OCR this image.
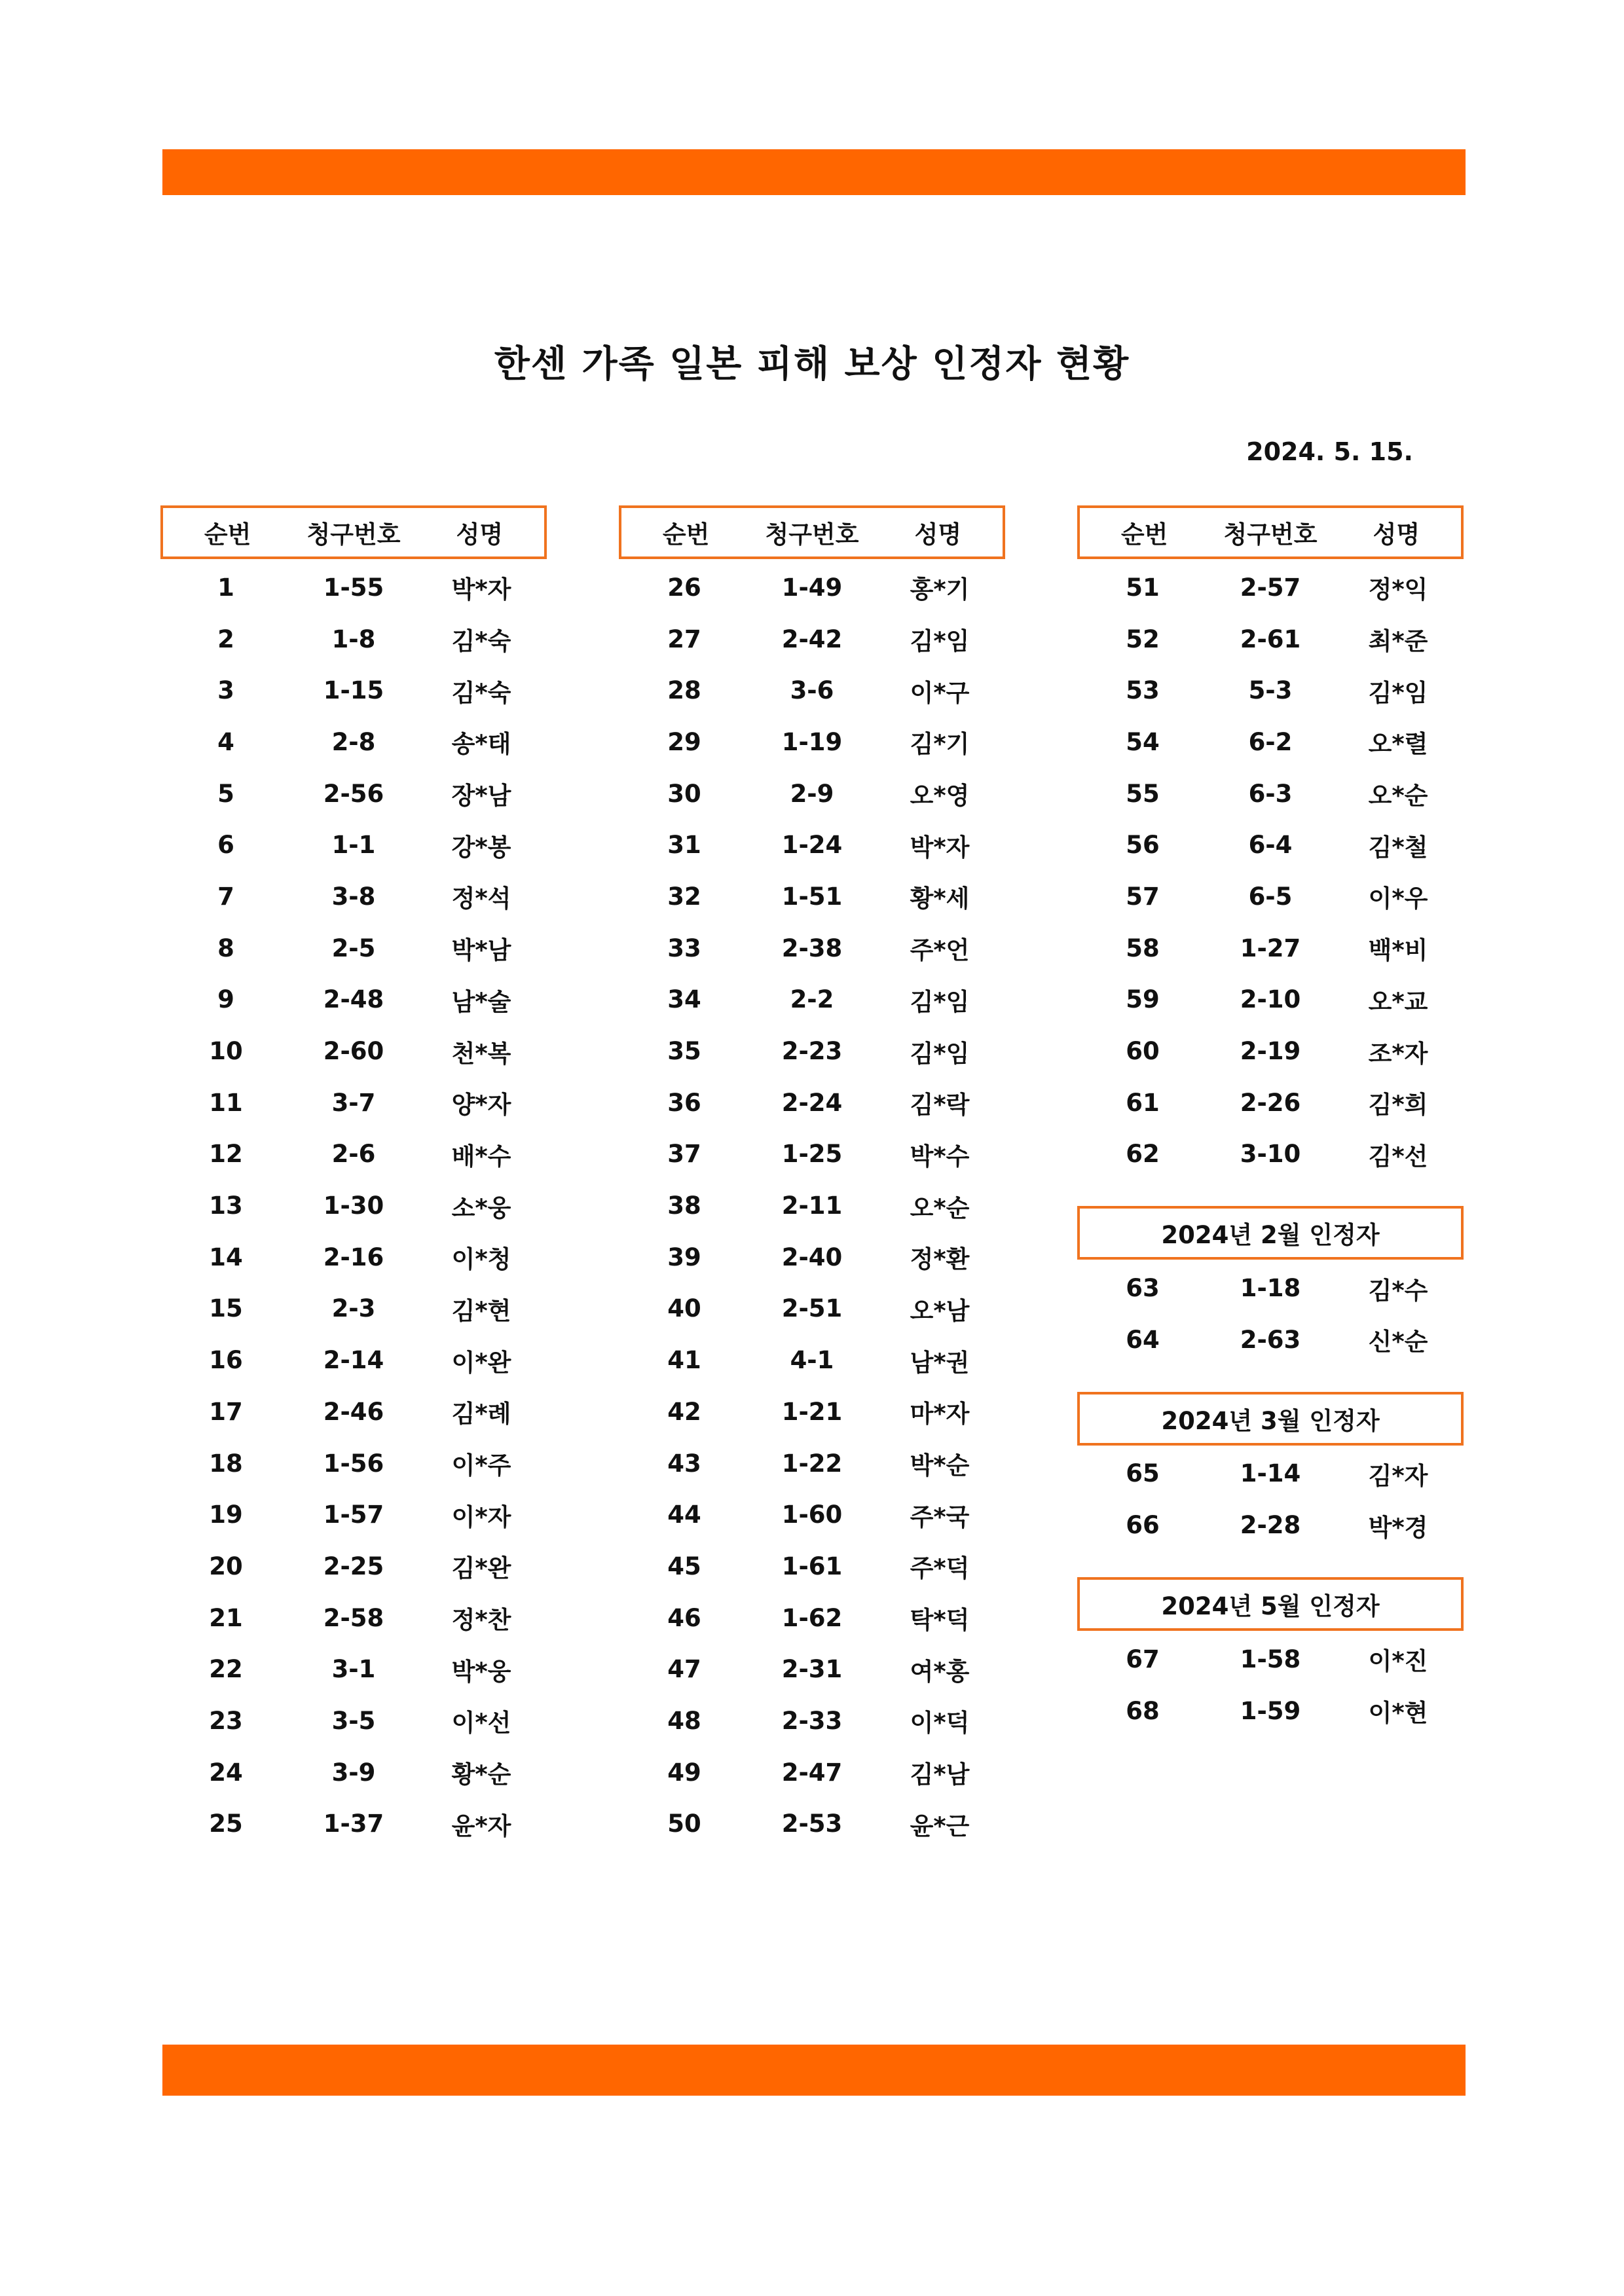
한센 가족 일본 피해 보상 인정자 현황
2024. 5. 15.
순번	청구번호	성명
1	1-55	박*자
2	1-8	김*숙
3	1-15	김*숙
4	2-8	송*태
5	2-56	장*남
6	1-1	강*봉
7	3-8	정*석
8	2-5	박*남
9	2-48	남*술
10	2-60	천*복
11	3-7	양*자
12	2-6	배*수
13	1-30	소*웅
14	2-16	이*청
15	2-3	김*현
16	2-14	이*완
17	2-46	김*례
18	1-56	이*주
19	1-57	이*자
20	2-25	김*완
21	2-58	정*찬
22	3-1	박*웅
23	3-5	이*선
24	3-9	황*순
25	1-37	윤*자
순번	청구번호	성명
26	1-49	홍*기
27	2-42	김*임
28	3-6	이*구
29	1-19	김*기
30	2-9	오*영
31	1-24	박*자
32	1-51	황*세
33	2-38	주*언
34	2-2	김*임
35	2-23	김*임
36	2-24	김*락
37	1-25	박*수
38	2-11	오*순
39	2-40	정*환
40	2-51	오*남
41	4-1	남*권
42	1-21	마*자
43	1-22	박*순
44	1-60	주*국
45	1-61	주*덕
46	1-62	탁*덕
47	2-31	여*홍
48	2-33	이*덕
49	2-47	김*남
50	2-53	윤*근
순번	청구번호	성명
51	2-57	정*익
52	2-61	최*준
53	5-3	김*임
54	6-2	오*렬
55	6-3	오*순
56	6-4	김*철
57	6-5	이*우
58	1-27	백*비
59	2-10	오*교
60	2-19	조*자
61	2-26	김*희
62	3-10	김*선
2024년 2월 인정자
63	1-18	김*수
64	2-63	신*순
2024년 3월 인정자
65	1-14	김*자
66	2-28	박*경
2024년 5월 인정자
67	1-58	이*진
68	1-59	이*현
